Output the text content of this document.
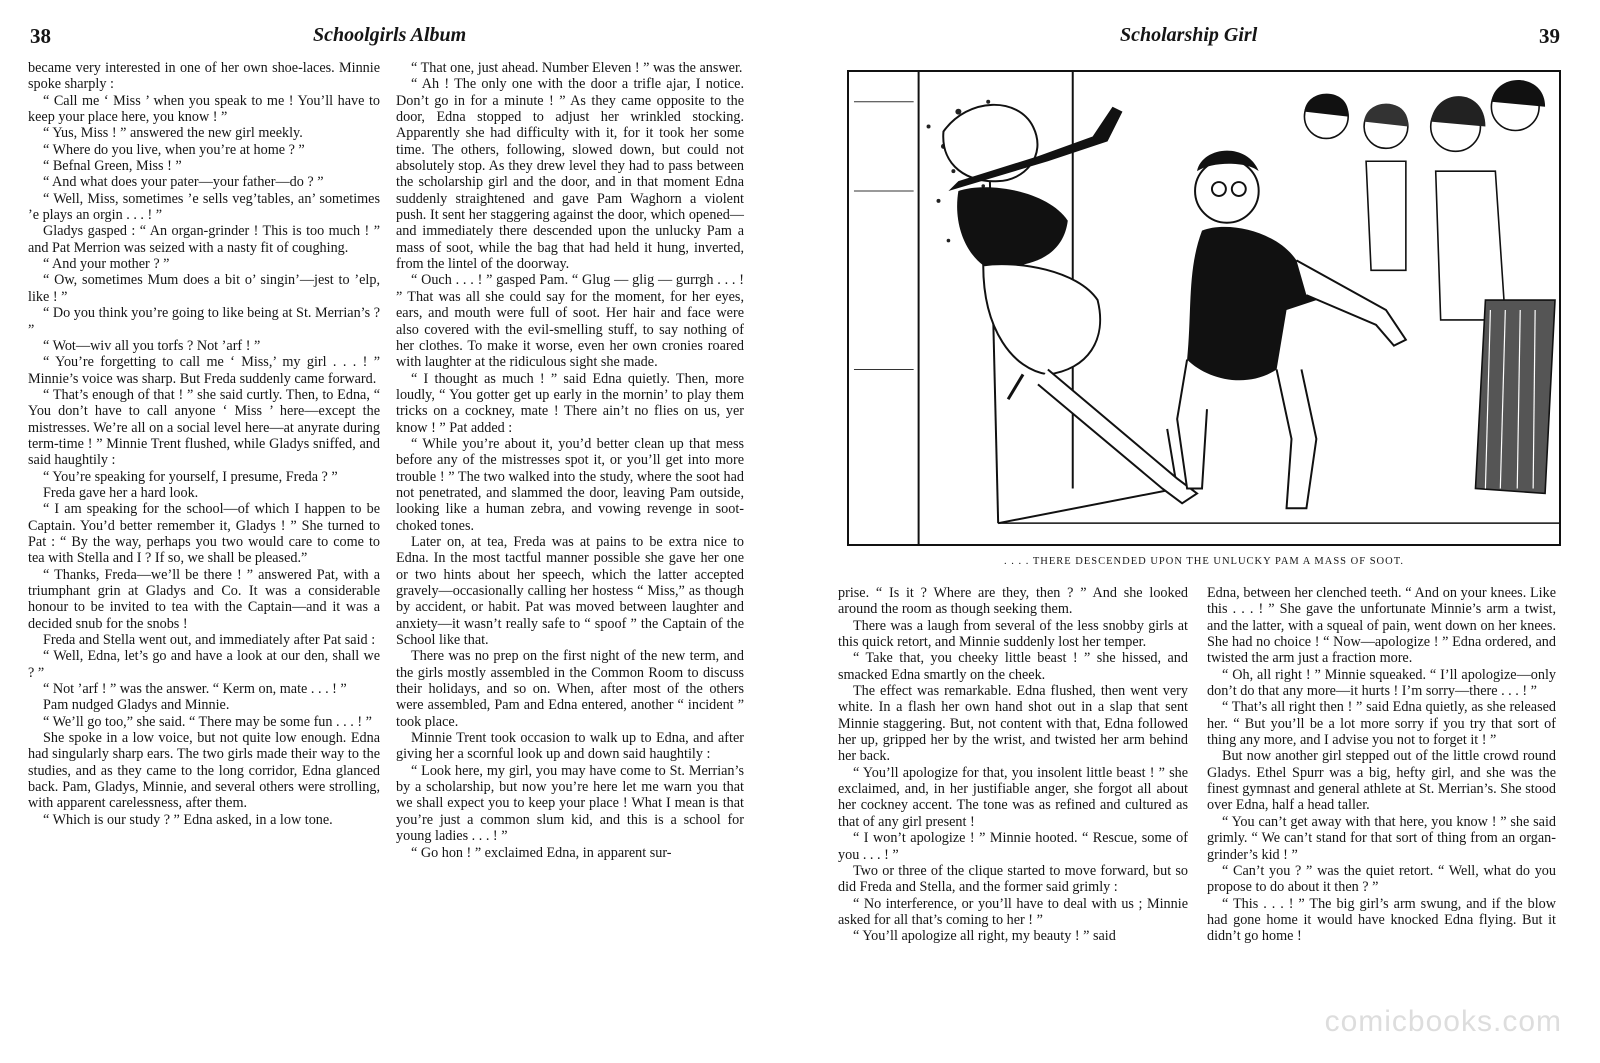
38	Schoolgirls Album

became very interested in one of her own shoe-laces. Minnie spoke sharply :

“ Call me ‘ Miss ’ when you speak to me ! You’ll have to keep your place here, you know ! ”

“ Yus, Miss ! ” answered the new girl meekly.

“ Where do you live, when you’re at home ? ”

“ Befnal Green, Miss ! ”

“ And what does your pater—your father—do ? ”

“ Well, Miss, sometimes ’e sells veg’tables, an’ sometimes ’e plays an orgin . . . ! ”

Gladys gasped : “ An organ-grinder ! This is too much ! ” and Pat Merrion was seized with a nasty fit of coughing.

“ And your mother ? ”

“ Ow, sometimes Mum does a bit o’ singin’—jest to ’elp, like ! ”

“ Do you think you’re going to like being at St. Merrian’s ? ”

“ Wot—wiv all you torfs ? Not ’arf ! ”

“ You’re forgetting to call me ‘ Miss,’ my girl . . . ! ” Minnie’s voice was sharp. But Freda suddenly came forward.

“ That’s enough of that ! ” she said curtly. Then, to Edna, “ You don’t have to call anyone ‘ Miss ’ here—except the mistresses. We’re all on a social level here—at anyrate during term-time ! ” Minnie Trent flushed, while Gladys sniffed, and said haughtily :

“ You’re speaking for yourself, I presume, Freda ? ”

Freda gave her a hard look.

“ I am speaking for the school—of which I happen to be Captain. You’d better remember it, Gladys ! ” She turned to Pat : “ By the way, perhaps you two would care to come to tea with Stella and I ? If so, we shall be pleased.”

“ Thanks, Freda—we’ll be there ! ” answered Pat, with a triumphant grin at Gladys and Co. It was a considerable honour to be invited to tea with the Captain—and it was a decided snub for the snobs !

Freda and Stella went out, and immediately after Pat said :

“ Well, Edna, let’s go and have a look at our den, shall we ? ”

“ Not ’arf ! ” was the answer. “ Kerm on, mate . . . ! ”

Pam nudged Gladys and Minnie.

“ We’ll go too,” she said. “ There may be some fun . . . ! ”

She spoke in a low voice, but not quite low enough. Edna had singularly sharp ears. The two girls made their way to the studies, and as they came to the long corridor, Edna glanced back. Pam, Gladys, Minnie, and several others were strolling, with apparent carelessness, after them.

“ Which is our study ? ” Edna asked, in a low tone.

“ That one, just ahead. Number Eleven ! ” was the answer.

“ Ah ! The only one with the door a trifle ajar, I notice. Don’t go in for a minute ! ” As they came opposite to the door, Edna stopped to adjust her wrinkled stocking. Apparently she had difficulty with it, for it took her some time. The others, following, slowed down, but could not absolutely stop. As they drew level they had to pass between the scholarship girl and the door, and in that moment Edna suddenly straightened and gave Pam Waghorn a violent push. It sent her staggering against the door, which opened—and immediately there descended upon the unlucky Pam a mass of soot, while the bag that had held it hung, inverted, from the lintel of the doorway.

“ Ouch . . . ! ” gasped Pam. “ Glug — glig — gurrgh . . . ! ” That was all she could say for the moment, for her eyes, ears, and mouth were full of soot. Her hair and face were also covered with the evil-smelling stuff, to say nothing of her clothes. To make it worse, even her own cronies roared with laughter at the ridiculous sight she made.

“ I thought as much ! ” said Edna quietly. Then, more loudly, “ You gotter get up early in the mornin’ to play them tricks on a cockney, mate ! There ain’t no flies on us, yer know ! ” Pat added :

“ While you’re about it, you’d better clean up that mess before any of the mistresses spot it, or you’ll get into more trouble ! ” The two walked into the study, where the soot had not penetrated, and slammed the door, leaving Pam outside, looking like a human zebra, and vowing revenge in soot-choked tones.

Later on, at tea, Freda was at pains to be extra nice to Edna. In the most tactful manner possible she gave her one or two hints about her speech, which the latter accepted gravely—occasionally calling her hostess “ Miss,” as though by accident, or habit. Pat was moved between laughter and anxiety—it wasn’t really safe to “ spoof ” the Captain of the School like that.

There was no prep on the first night of the new term, and the girls mostly assembled in the Common Room to discuss their holidays, and so on. When, after most of the others were assembled, Pam and Edna entered, another “ incident ” took place.

Minnie Trent took occasion to walk up to Edna, and after giving her a scornful look up and down said haughtily :

“ Look here, my girl, you may have come to St. Merrian’s by a scholarship, but now you’re here let me warn you that we shall expect you to keep your place ! What I mean is that you’re just a common slum kid, and this is a school for young ladies . . . ! ”

“ Go hon ! ” exclaimed Edna, in apparent sur-

Scholarship Girl	39
. . . . THERE DESCENDED UPON THE UNLUCKY PAM A MASS OF SOOT.

prise. “ Is it ? Where are they, then ? ” And she looked around the room as though seeking them.

There was a laugh from several of the less snobby girls at this quick retort, and Minnie suddenly lost her temper.

“ Take that, you cheeky little beast ! ” she hissed, and smacked Edna smartly on the cheek.

The effect was remarkable. Edna flushed, then went very white. In a flash her own hand shot out in a slap that sent Minnie staggering. But, not content with that, Edna followed her up, gripped her by the wrist, and twisted her arm behind her back.

“ You’ll apologize for that, you insolent little beast ! ” she exclaimed, and, in her justifiable anger, she forgot all about her cockney accent. The tone was as refined and cultured as that of any girl present !

“ I won’t apologize ! ” Minnie hooted. “ Rescue, some of you . . . ! ”

Two or three of the clique started to move forward, but so did Freda and Stella, and the former said grimly :

“ No interference, or you’ll have to deal with us ; Minnie asked for all that’s coming to her ! ”

“ You’ll apologize all right, my beauty ! ” said

Edna, between her clenched teeth. “ And on your knees. Like this . . . ! ” She gave the unfortunate Minnie’s arm a twist, and the latter, with a squeal of pain, went down on her knees. She had no choice ! “ Now—apologize ! ” Edna ordered, and twisted the arm just a fraction more.

“ Oh, all right ! ” Minnie squeaked. “ I’ll apologize—only don’t do that any more—it hurts ! I’m sorry—there . . . ! ”

“ That’s all right then ! ” said Edna quietly, as she released her. “ But you’ll be a lot more sorry if you try that sort of thing any more, and I advise you not to forget it ! ”

But now another girl stepped out of the little crowd round Gladys. Ethel Spurr was a big, hefty girl, and she was the finest gymnast and general athlete at St. Merrian’s. She stood over Edna, half a head taller.

“ You can’t get away with that here, you know ! ” she said grimly. “ We can’t stand for that sort of thing from an organ-grinder’s kid ! ”

“ Can’t you ? ” was the quiet retort. “ Well, what do you propose to do about it then ? ”

“ This . . . ! ” The big girl’s arm swung, and if the blow had gone home it would have knocked Edna flying. But it didn’t go home !

comicbooks.com
